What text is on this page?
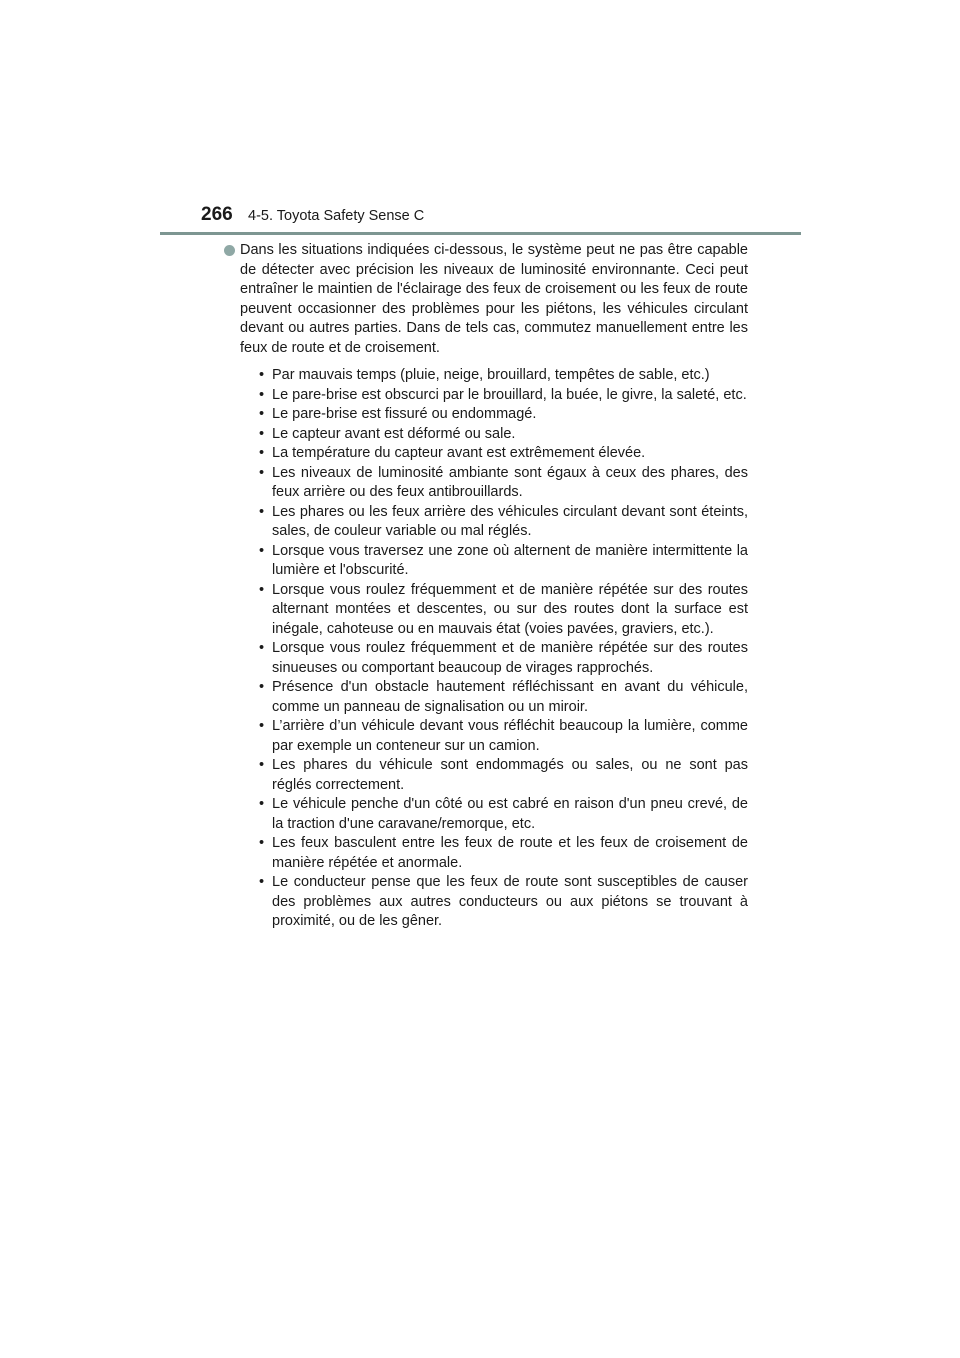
266 4-5. Toyota Safety Sense C
Dans les situations indiquées ci-dessous, le système peut ne pas être capable de détecter avec précision les niveaux de luminosité environnante. Ceci peut entraîner le maintien de l'éclairage des feux de croisement ou les feux de route peuvent occasionner des problèmes pour les piétons, les véhicules circulant devant ou autres parties. Dans de tels cas, commutez manuellement entre les feux de route et de croisement.
• Par mauvais temps (pluie, neige, brouillard, tempêtes de sable, etc.)
• Le pare-brise est obscurci par le brouillard, la buée, le givre, la saleté, etc.
• Le pare-brise est fissuré ou endommagé.
• Le capteur avant est déformé ou sale.
• La température du capteur avant est extrêmement élevée.
• Les niveaux de luminosité ambiante sont égaux à ceux des phares, des feux arrière ou des feux antibrouillards.
• Les phares ou les feux arrière des véhicules circulant devant sont éteints, sales, de couleur variable ou mal réglés.
• Lorsque vous traversez une zone où alternent de manière intermittente la lumière et l'obscurité.
• Lorsque vous roulez fréquemment et de manière répétée sur des routes alternant montées et descentes, ou sur des routes dont la surface est inégale, cahoteuse ou en mauvais état (voies pavées, graviers, etc.).
• Lorsque vous roulez fréquemment et de manière répétée sur des routes sinueuses ou comportant beaucoup de virages rapprochés.
• Présence d'un obstacle hautement réfléchissant en avant du véhicule, comme un panneau de signalisation ou un miroir.
• L’arrière d’un véhicule devant vous réfléchit beaucoup la lumière, comme par exemple un conteneur sur un camion.
• Les phares du véhicule sont endommagés ou sales, ou ne sont pas réglés correctement.
• Le véhicule penche d'un côté ou est cabré en raison d'un pneu crevé, de la traction d'une caravane/remorque, etc.
• Les feux basculent entre les feux de route et les feux de croisement de manière répétée et anormale.
• Le conducteur pense que les feux de route sont susceptibles de causer des problèmes aux autres conducteurs ou aux piétons se trouvant à proximité, ou de les gêner.
